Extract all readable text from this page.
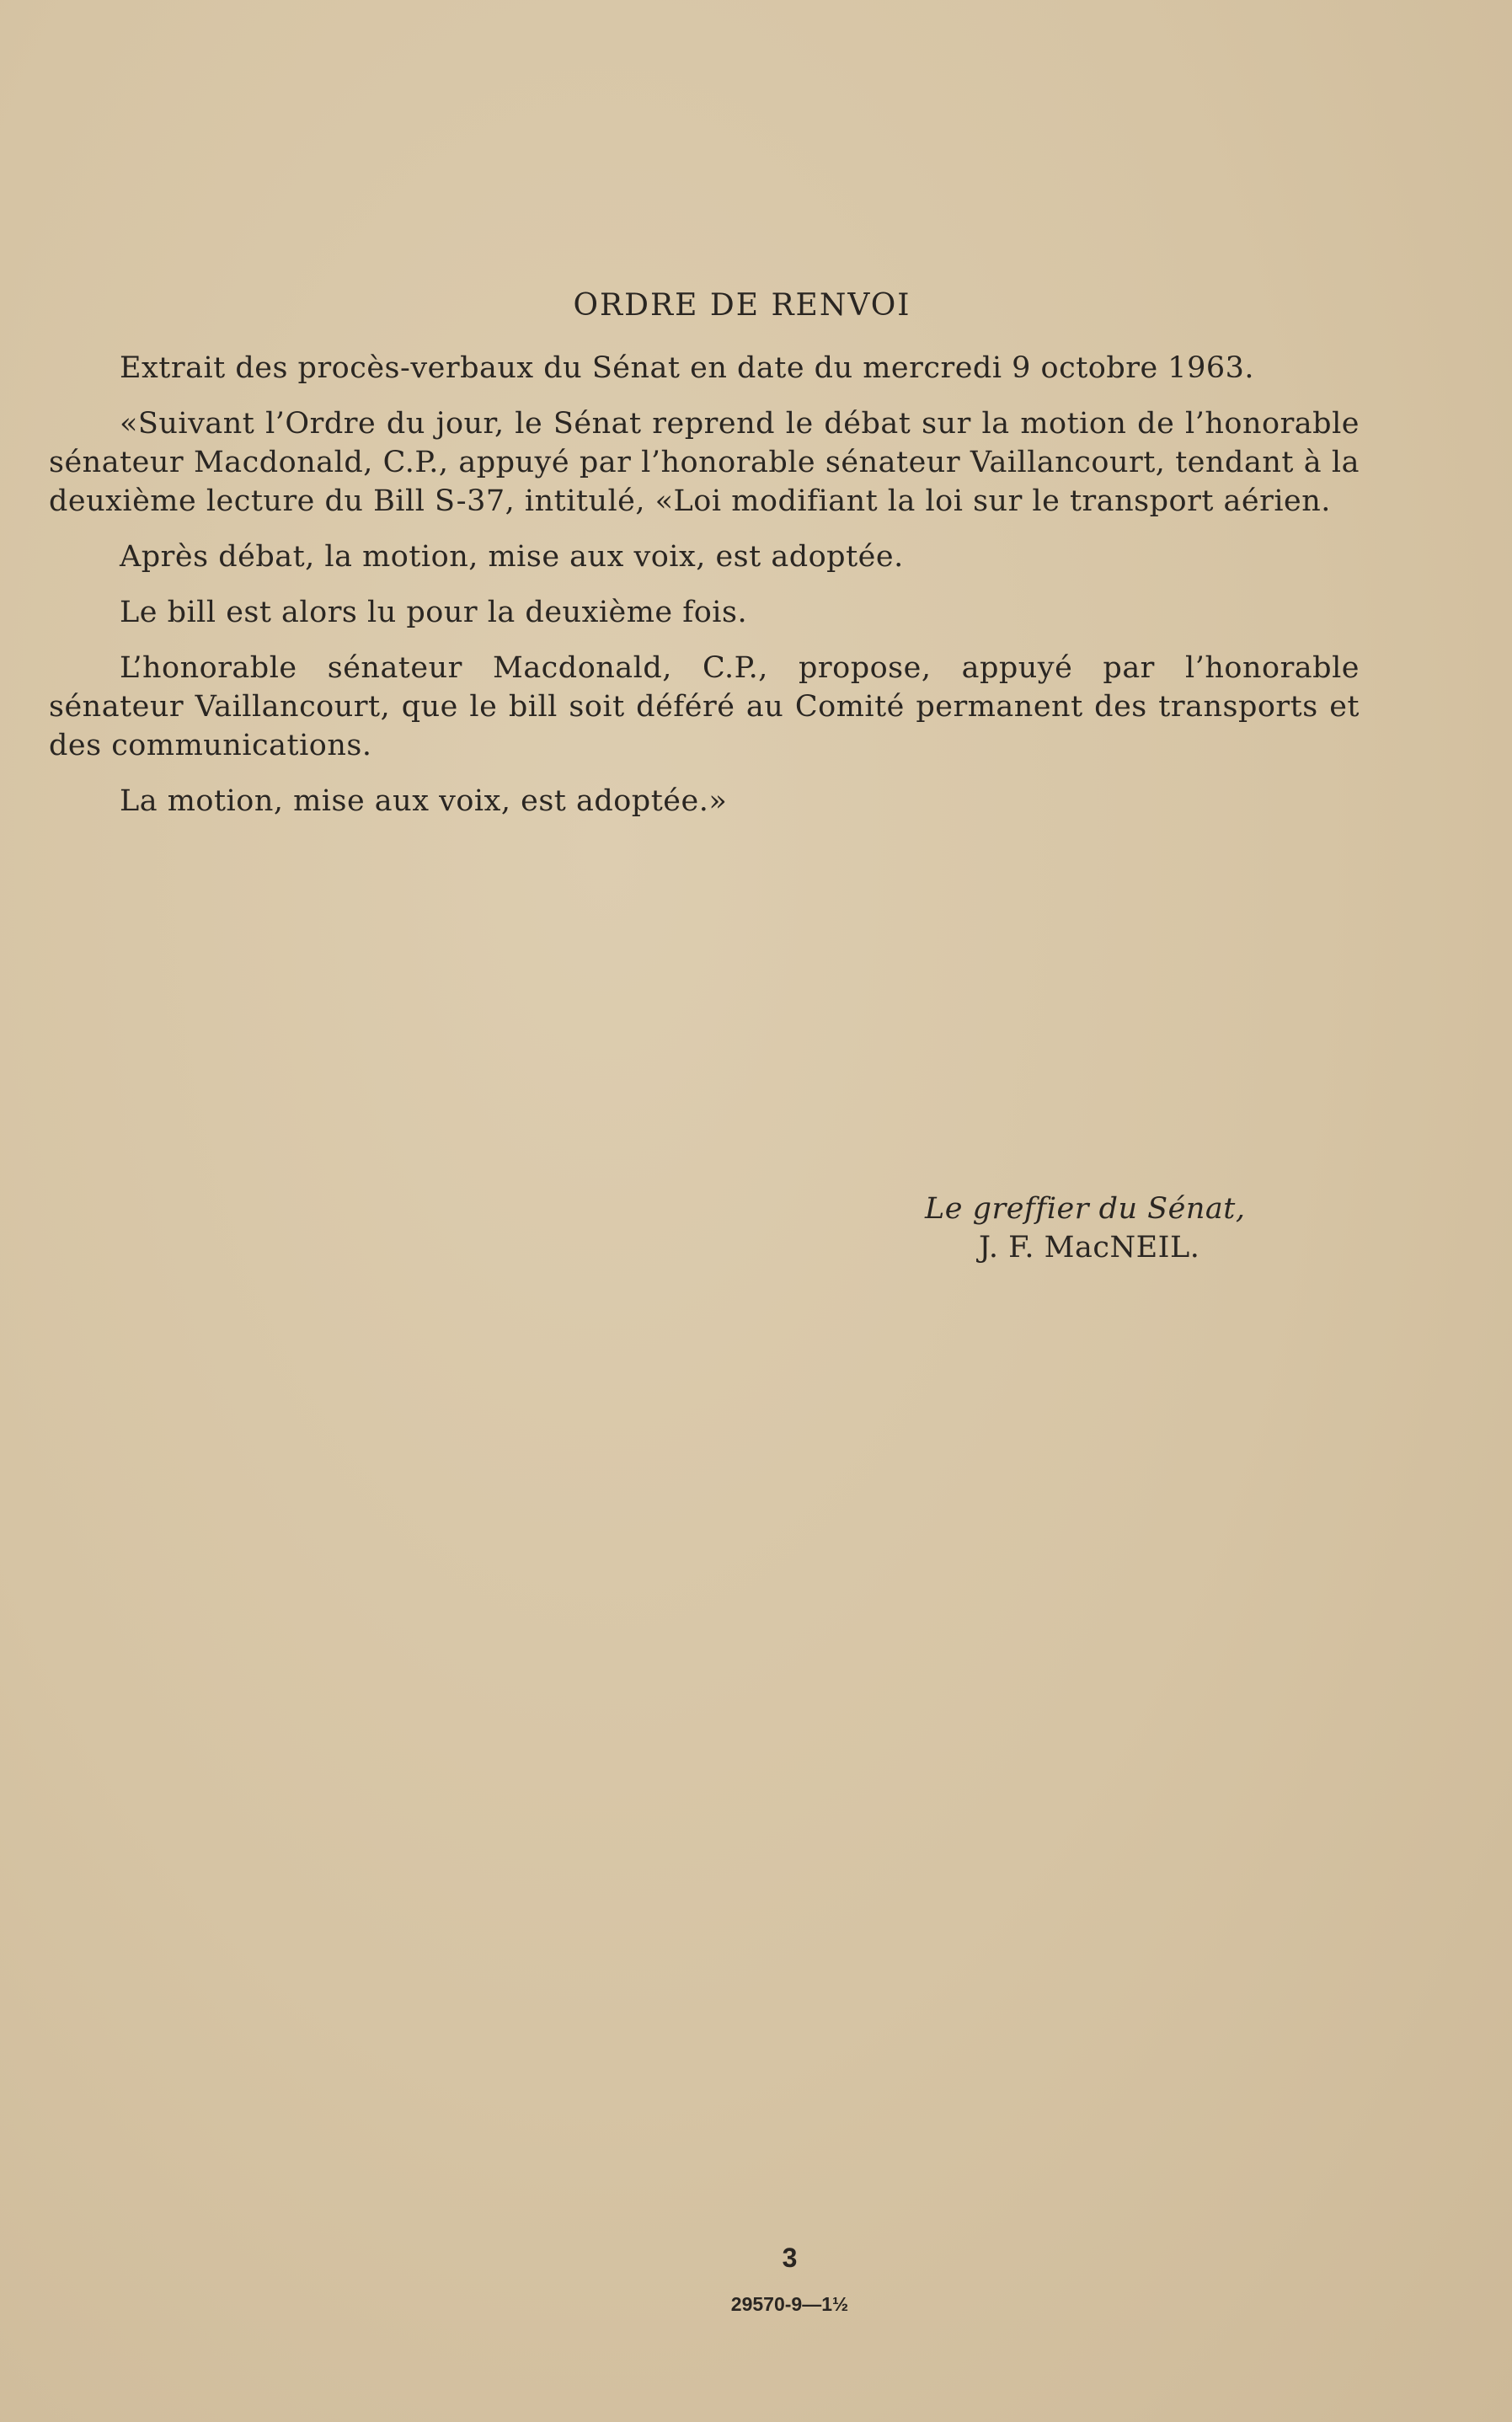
ORDRE DE RENVOI

Extrait des procès-verbaux du Sénat en date du mercredi 9 octobre 1963.

«Suivant l’Ordre du jour, le Sénat reprend le débat sur la motion de l’honorable sénateur Macdonald, C.P., appuyé par l’honorable sénateur Vaillancourt, tendant à la deuxième lecture du Bill S-37, intitulé, «Loi modifiant la loi sur le transport aérien.

Après débat, la motion, mise aux voix, est adoptée.

Le bill est alors lu pour la deuxième fois.

L’honorable sénateur Macdonald, C.P., propose, appuyé par l’honorable sénateur Vaillancourt, que le bill soit déféré au Comité permanent des transports et des communications.

La motion, mise aux voix, est adoptée.»

Le greffier du Sénat,
J. F. MacNEIL.
3
29570-9—1½
